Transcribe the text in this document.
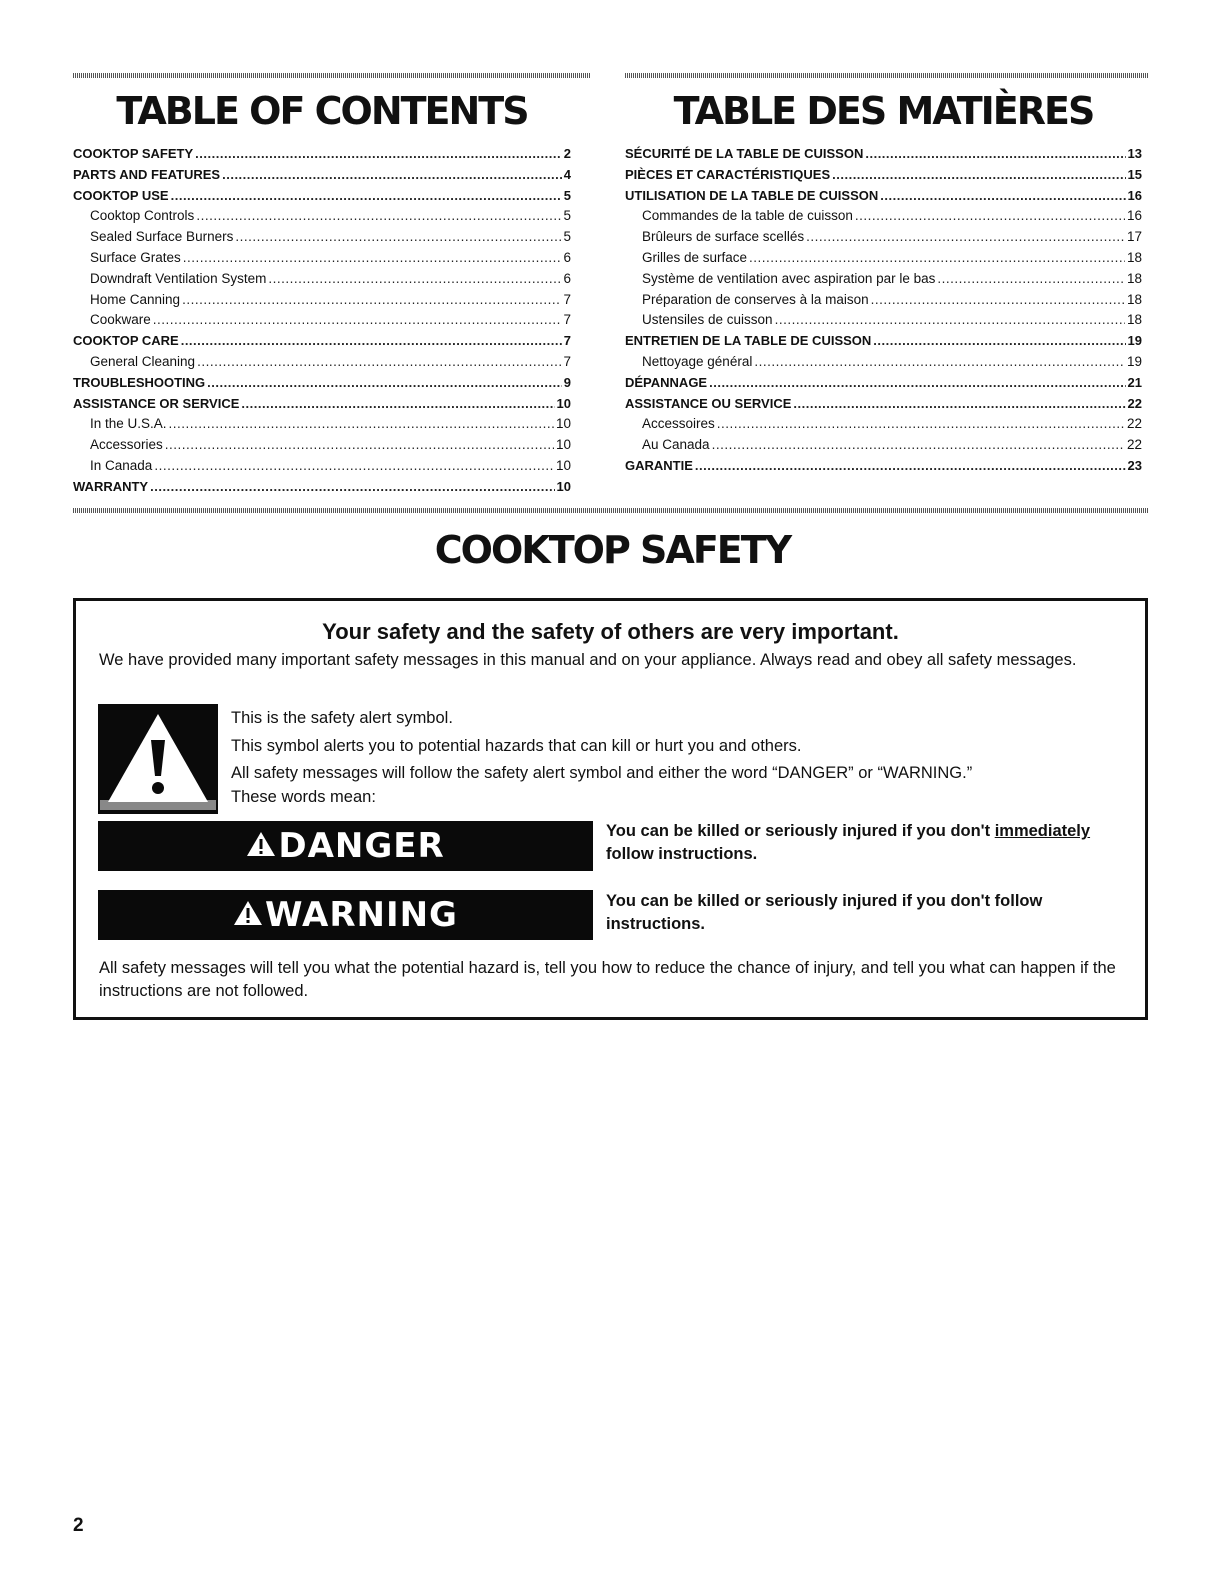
TABLE OF CONTENTS
COOKTOP SAFETY .....	2
PARTS AND FEATURES .....	4
COOKTOP USE .....	5
Cooktop Controls .....	5
Sealed Surface Burners .....	5
Surface Grates .....	6
Downdraft Ventilation System .....	6
Home Canning .....	7
Cookware .....	7
COOKTOP CARE .....	7
General Cleaning .....	7
TROUBLESHOOTING .....	9
ASSISTANCE OR SERVICE .....	10
In the U.S.A. .....	10
Accessories .....	10
In Canada .....	10
WARRANTY .....	10
TABLE DES MATIÈRES
SÉCURITÉ DE LA TABLE DE CUISSON .....	13
PIÈCES ET CARACTÉRISTIQUES .....	15
UTILISATION DE LA TABLE DE CUISSON .....	16
Commandes de la table de cuisson .....	16
Brûleurs de surface scellés .....	17
Grilles de surface .....	18
Système de ventilation avec aspiration par le bas .....	18
Préparation de conserves à la maison .....	18
Ustensiles de cuisson .....	18
ENTRETIEN DE LA TABLE DE CUISSON .....	19
Nettoyage général .....	19
DÉPANNAGE .....	21
ASSISTANCE OU SERVICE .....	22
Accessoires .....	22
Au Canada .....	22
GARANTIE .....	23
COOKTOP SAFETY
Your safety and the safety of others are very important.

We have provided many important safety messages in this manual and on your appliance. Always read and obey all safety messages.

This is the safety alert symbol.

This symbol alerts you to potential hazards that can kill or hurt you and others.

All safety messages will follow the safety alert symbol and either the word “DANGER” or “WARNING.”

These words mean:

DANGER	You can be killed or seriously injured if you don't immediately follow instructions.

WARNING	You can be killed or seriously injured if you don't follow instructions.

All safety messages will tell you what the potential hazard is, tell you how to reduce the chance of injury, and tell you what can happen if the instructions are not followed.

2
